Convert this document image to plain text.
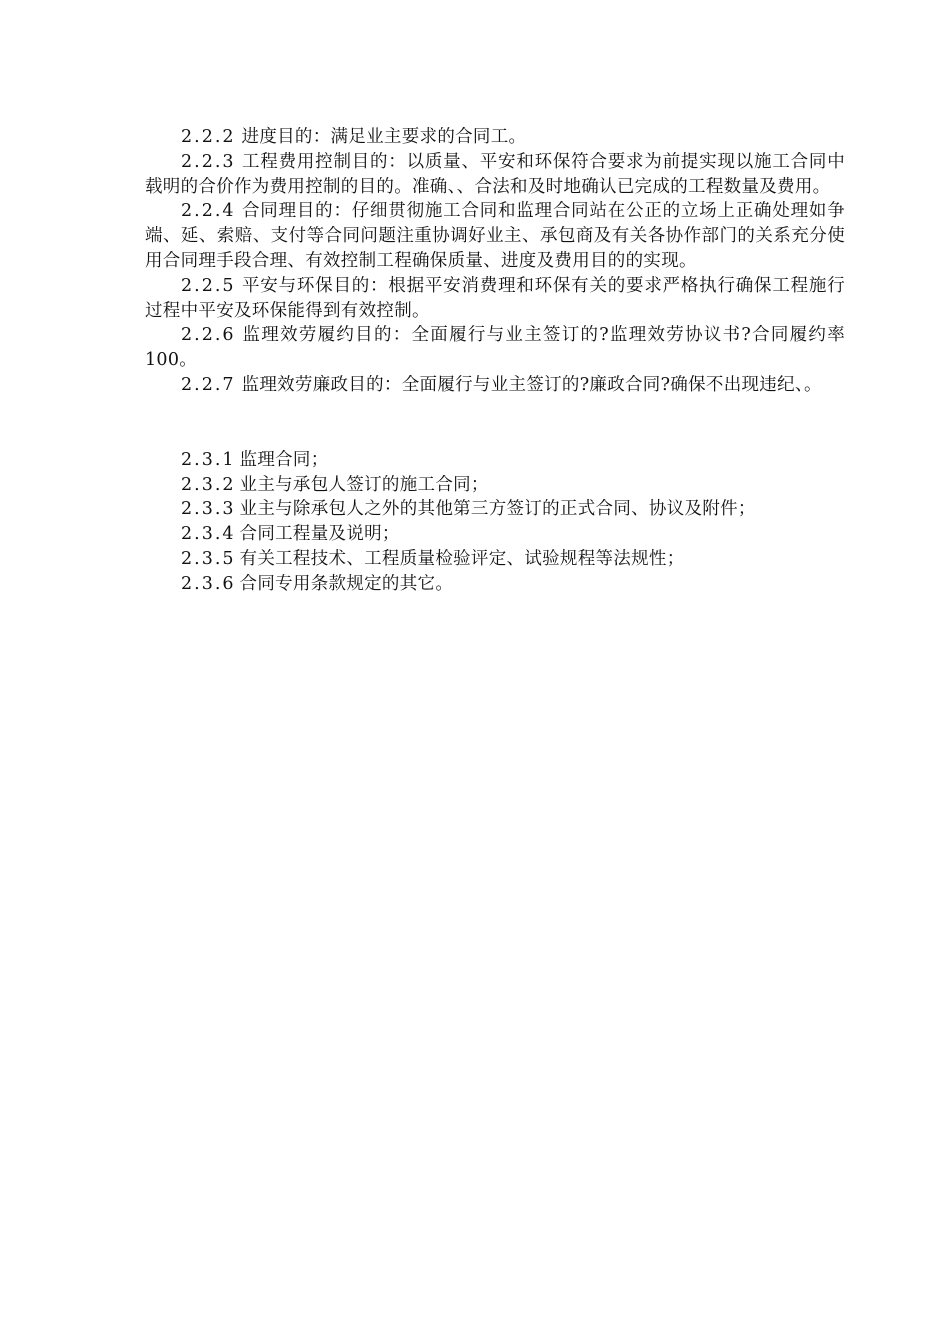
2.2.2 进度目的：满足业主要求的合同工。

2.2.3 工程费用控制目的：以质量、平安和环保符合要求为前提实现以施工合同中载明的合价作为费用控制的目的。准确、、合法和及时地确认已完成的工程数量及费用。

2.2.4 合同理目的：仔细贯彻施工合同和监理合同站在公正的立场上正确处理如争端、延、索赔、支付等合同问题注重协调好业主、承包商及有关各协作部门的关系充分使用合同理手段合理、有效控制工程确保质量、进度及费用目的的实现。

2.2.5 平安与环保目的：根据平安消费理和环保有关的要求严格执行确保工程施行过程中平安及环保能得到有效控制。

2.2.6 监理效劳履约目的：全面履行与业主签订的?监理效劳协议书?合同履约率 100。

2.2.7 监理效劳廉政目的：全面履行与业主签订的?廉政合同?确保不出现违纪、。

2.3.1 监理合同；

2.3.2 业主与承包人签订的施工合同；

2.3.3 业主与除承包人之外的其他第三方签订的正式合同、协议及附件；

2.3.4 合同工程量及说明；

2.3.5 有关工程技术、工程质量检验评定、试验规程等法规性；

2.3.6 合同专用条款规定的其它。
